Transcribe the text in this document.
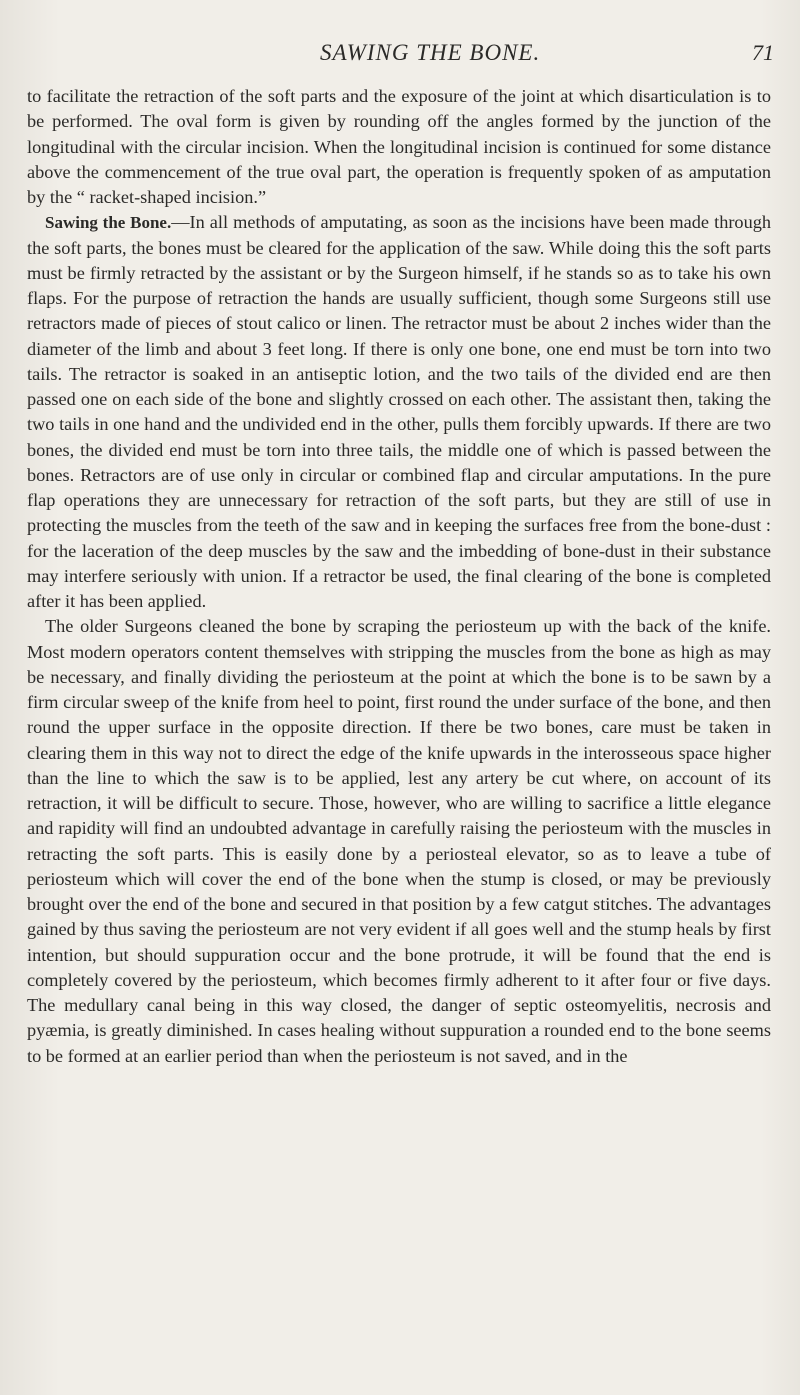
SAWING THE BONE.	71

to facilitate the retraction of the soft parts and the exposure of the joint at which disarticulation is to be performed. The oval form is given by rounding off the angles formed by the junction of the longitudinal with the circular incision. When the longitudinal incision is continued for some distance above the commencement of the true oval part, the operation is frequently spoken of as amputation by the “ racket-shaped incision.”

Sawing the Bone.—In all methods of amputating, as soon as the incisions have been made through the soft parts, the bones must be cleared for the application of the saw. While doing this the soft parts must be firmly retracted by the assistant or by the Surgeon himself, if he stands so as to take his own flaps. For the purpose of retraction the hands are usually sufficient, though some Surgeons still use retractors made of pieces of stout calico or linen. The retractor must be about 2 inches wider than the diameter of the limb and about 3 feet long. If there is only one bone, one end must be torn into two tails. The retractor is soaked in an antiseptic lotion, and the two tails of the divided end are then passed one on each side of the bone and slightly crossed on each other. The assistant then, taking the two tails in one hand and the undivided end in the other, pulls them forcibly upwards. If there are two bones, the divided end must be torn into three tails, the middle one of which is passed between the bones. Retractors are of use only in circular or combined flap and circular amputations. In the pure flap operations they are unnecessary for retraction of the soft parts, but they are still of use in protecting the muscles from the teeth of the saw and in keeping the surfaces free from the bone-dust : for the laceration of the deep muscles by the saw and the imbedding of bone-dust in their substance may interfere seriously with union. If a retractor be used, the final clearing of the bone is completed after it has been applied.

The older Surgeons cleaned the bone by scraping the periosteum up with the back of the knife. Most modern operators content themselves with stripping the muscles from the bone as high as may be necessary, and finally dividing the periosteum at the point at which the bone is to be sawn by a firm circular sweep of the knife from heel to point, first round the under surface of the bone, and then round the upper surface in the opposite direction. If there be two bones, care must be taken in clearing them in this way not to direct the edge of the knife upwards in the interosseous space higher than the line to which the saw is to be applied, lest any artery be cut where, on account of its retraction, it will be difficult to secure. Those, however, who are willing to sacrifice a little elegance and rapidity will find an undoubted advantage in carefully raising the periosteum with the muscles in retracting the soft parts. This is easily done by a periosteal elevator, so as to leave a tube of periosteum which will cover the end of the bone when the stump is closed, or may be previously brought over the end of the bone and secured in that position by a few catgut stitches. The advantages gained by thus saving the periosteum are not very evident if all goes well and the stump heals by first intention, but should suppuration occur and the bone protrude, it will be found that the end is completely covered by the periosteum, which becomes firmly adherent to it after four or five days. The medullary canal being in this way closed, the danger of septic osteomyelitis, necrosis and pyæmia, is greatly diminished. In cases healing without suppuration a rounded end to the bone seems to be formed at an earlier period than when the periosteum is not saved, and in the
